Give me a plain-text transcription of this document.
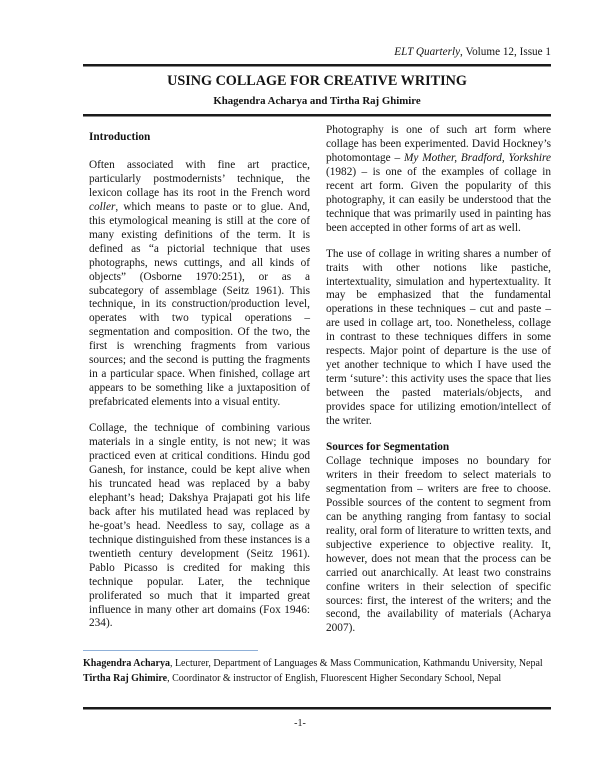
ELT Quarterly, Volume 12, Issue 1
USING COLLAGE FOR CREATIVE WRITING
Khagendra Acharya and Tirtha Raj Ghimire
Introduction

Often associated with fine art practice, particularly postmodernists’ technique, the lexicon collage has its root in the French word coller, which means to paste or to glue. And, this etymological meaning is still at the core of many existing definitions of the term. It is defined as “a pictorial technique that uses photographs, news cuttings, and all kinds of objects” (Osborne 1970:251), or as a subcategory of assemblage (Seitz 1961). This technique, in its construction/production level, operates with two typical operations – segmentation and composition. Of the two, the first is wrenching fragments from various sources; and the second is putting the fragments in a particular space. When finished, collage art appears to be something like a juxtaposition of prefabricated elements into a visual entity.

Collage, the technique of combining various materials in a single entity, is not new; it was practiced even at critical conditions. Hindu god Ganesh, for instance, could be kept alive when his truncated head was replaced by a baby elephant’s head; Dakshya Prajapati got his life back after his mutilated head was replaced by he-goat’s head. Needless to say, collage as a technique distinguished from these instances is a twentieth century development (Seitz 1961). Pablo Picasso is credited for making this technique popular. Later, the technique proliferated so much that it imparted great influence in many other art domains (Fox 1946: 234).

Photography is one of such art form where collage has been experimented. David Hockney’s photomontage – My Mother, Bradford, Yorkshire (1982) – is one of the examples of collage in recent art form. Given the popularity of this photography, it can easily be understood that the technique that was primarily used in painting has been accepted in other forms of art as well.

The use of collage in writing shares a number of traits with other notions like pastiche, intertextuality, simulation and hypertextuality. It may be emphasized that the fundamental operations in these techniques – cut and paste – are used in collage art, too. Nonetheless, collage in contrast to these techniques differs in some respects. Major point of departure is the use of yet another technique to which I have used the term ‘suture’: this activity uses the space that lies between the pasted materials/objects, and provides space for utilizing emotion/intellect of the writer.

Sources for Segmentation

Collage technique imposes no boundary for writers in their freedom to select materials to segmentation from – writers are free to choose. Possible sources of the content to segment from can be anything ranging from fantasy to social reality, oral form of literature to written texts, and subjective experience to objective reality. It, however, does not mean that the process can be carried out anarchically. At least two constrains confine writers in their selection of specific sources: first, the interest of the writers; and the second, the availability of materials (Acharya 2007).

Khagendra Acharya, Lecturer, Department of Languages & Mass Communication, Kathmandu University, Nepal
Tirtha Raj Ghimire, Coordinator & instructor of English, Fluorescent Higher Secondary School, Nepal
-1-
